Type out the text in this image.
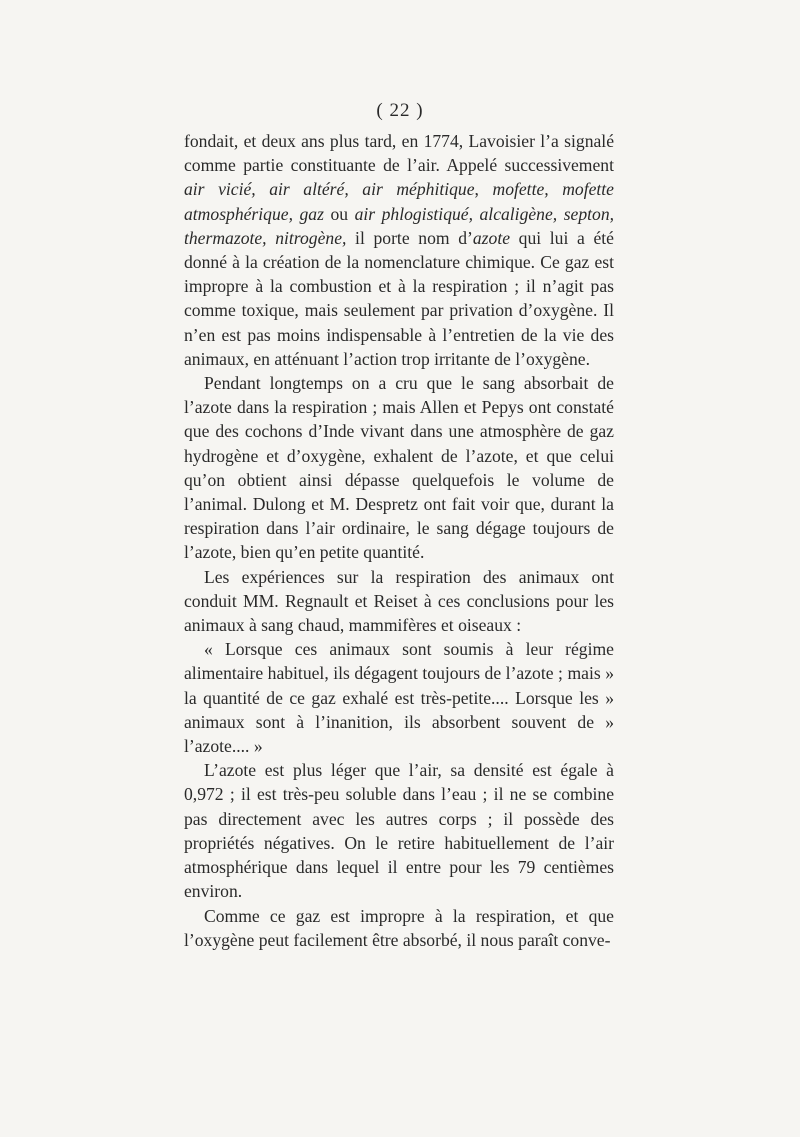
( 22 )

fondait, et deux ans plus tard, en 1774, Lavoisier l’a signalé comme partie constituante de l’air. Appelé successivement air vicié, air altéré, air méphitique, mofette, mofette atmosphérique, gaz ou air phlogistiqué, alcaligène, septon, thermazote, nitrogène, il porte nom d’azote qui lui a été donné à la création de la nomenclature chimique. Ce gaz est impropre à la combustion et à la respiration ; il n’agit pas comme toxique, mais seulement par privation d’oxygène. Il n’en est pas moins indispensable à l’entretien de la vie des animaux, en atténuant l’action trop irritante de l’oxygène.

Pendant longtemps on a cru que le sang absorbait de l’azote dans la respiration ; mais Allen et Pepys ont constaté que des cochons d’Inde vivant dans une atmosphère de gaz hydrogène et d’oxygène, exhalent de l’azote, et que celui qu’on obtient ainsi dépasse quelquefois le volume de l’animal. Dulong et M. Despretz ont fait voir que, durant la respiration dans l’air ordinaire, le sang dégage toujours de l’azote, bien qu’en petite quantité.

Les expériences sur la respiration des animaux ont conduit MM. Regnault et Reiset à ces conclusions pour les animaux à sang chaud, mammifères et oiseaux :

« Lorsque ces animaux sont soumis à leur régime alimentaire habituel, ils dégagent toujours de l’azote ; mais » la quantité de ce gaz exhalé est très-petite.... Lorsque les » animaux sont à l’inanition, ils absorbent souvent de » l’azote.... »

L’azote est plus léger que l’air, sa densité est égale à 0,972 ; il est très-peu soluble dans l’eau ; il ne se combine pas directement avec les autres corps ; il possède des propriétés négatives. On le retire habituellement de l’air atmosphérique dans lequel il entre pour les 79 centièmes environ.

Comme ce gaz est impropre à la respiration, et que l’oxygène peut facilement être absorbé, il nous paraît conve-
